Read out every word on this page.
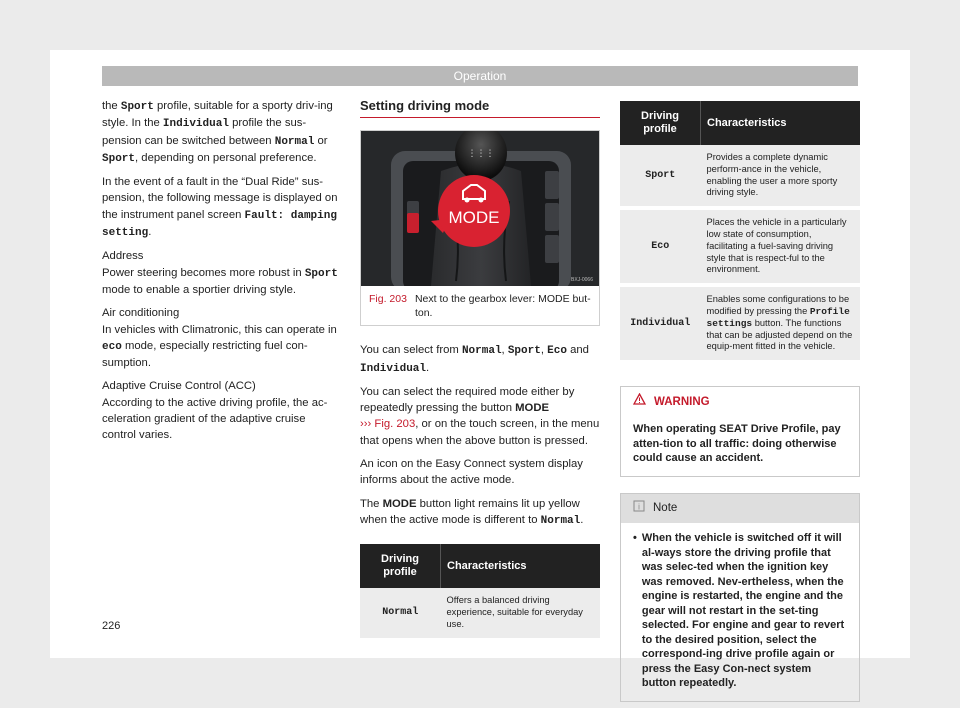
Operation

the Sport profile, suitable for a sporty driv-ing style. In the Individual profile the sus-pension can be switched between Normal or Sport, depending on personal preference.

In the event of a fault in the “Dual Ride” sus-pension, the following message is displayed on the instrument panel screen Fault: damping setting.

Address

Power steering becomes more robust in Sport mode to enable a sportier driving style.

Air conditioning

In vehicles with Climatronic, this can operate in eco mode, especially restricting fuel con-sumption.

Adaptive Cruise Control (ACC)

According to the active driving profile, the ac-celeration gradient of the adaptive cruise control varies.

Setting driving mode
⋮⋮⋮
MODE
BXJ-0066
Fig. 203 Next to the gearbox lever: MODE but-ton.

You can select from Normal, Sport, Eco and Individual.

You can select the required mode either by repeatedly pressing the button MODE
››› Fig. 203, or on the touch screen, in the menu that opens when the above button is pressed.

An icon on the Easy Connect system display informs about the active mode.

The MODE button light remains lit up yellow when the active mode is different to Normal.

Driving profile	Characteristics
Normal	Offers a balanced driving experience, suitable for everyday use.
Driving profile	Characteristics
Sport	Provides a complete dynamic perform-ance in the vehicle, enabling the user a more sporty driving style.
Eco	Places the vehicle in a particularly low state of consumption, facilitating a fuel-saving driving style that is respect-ful to the environment.
Individual	Enables some configurations to be modified by pressing the Profile settings button. The functions that can be adjusted depend on the equip-ment fitted in the vehicle.
WARNING
When operating SEAT Drive Profile, pay atten-tion to all traffic: doing otherwise could cause an accident.
i Note
• When the vehicle is switched off it will al-ways store the driving profile that was selec-ted when the ignition key was removed. Nev-ertheless, when the engine is restarted, the engine and the gear will not restart in the set-ting selected. For engine and gear to revert to the desired position, select the correspond-ing drive profile again or press the Easy Con-nect system button repeatedly.
226
